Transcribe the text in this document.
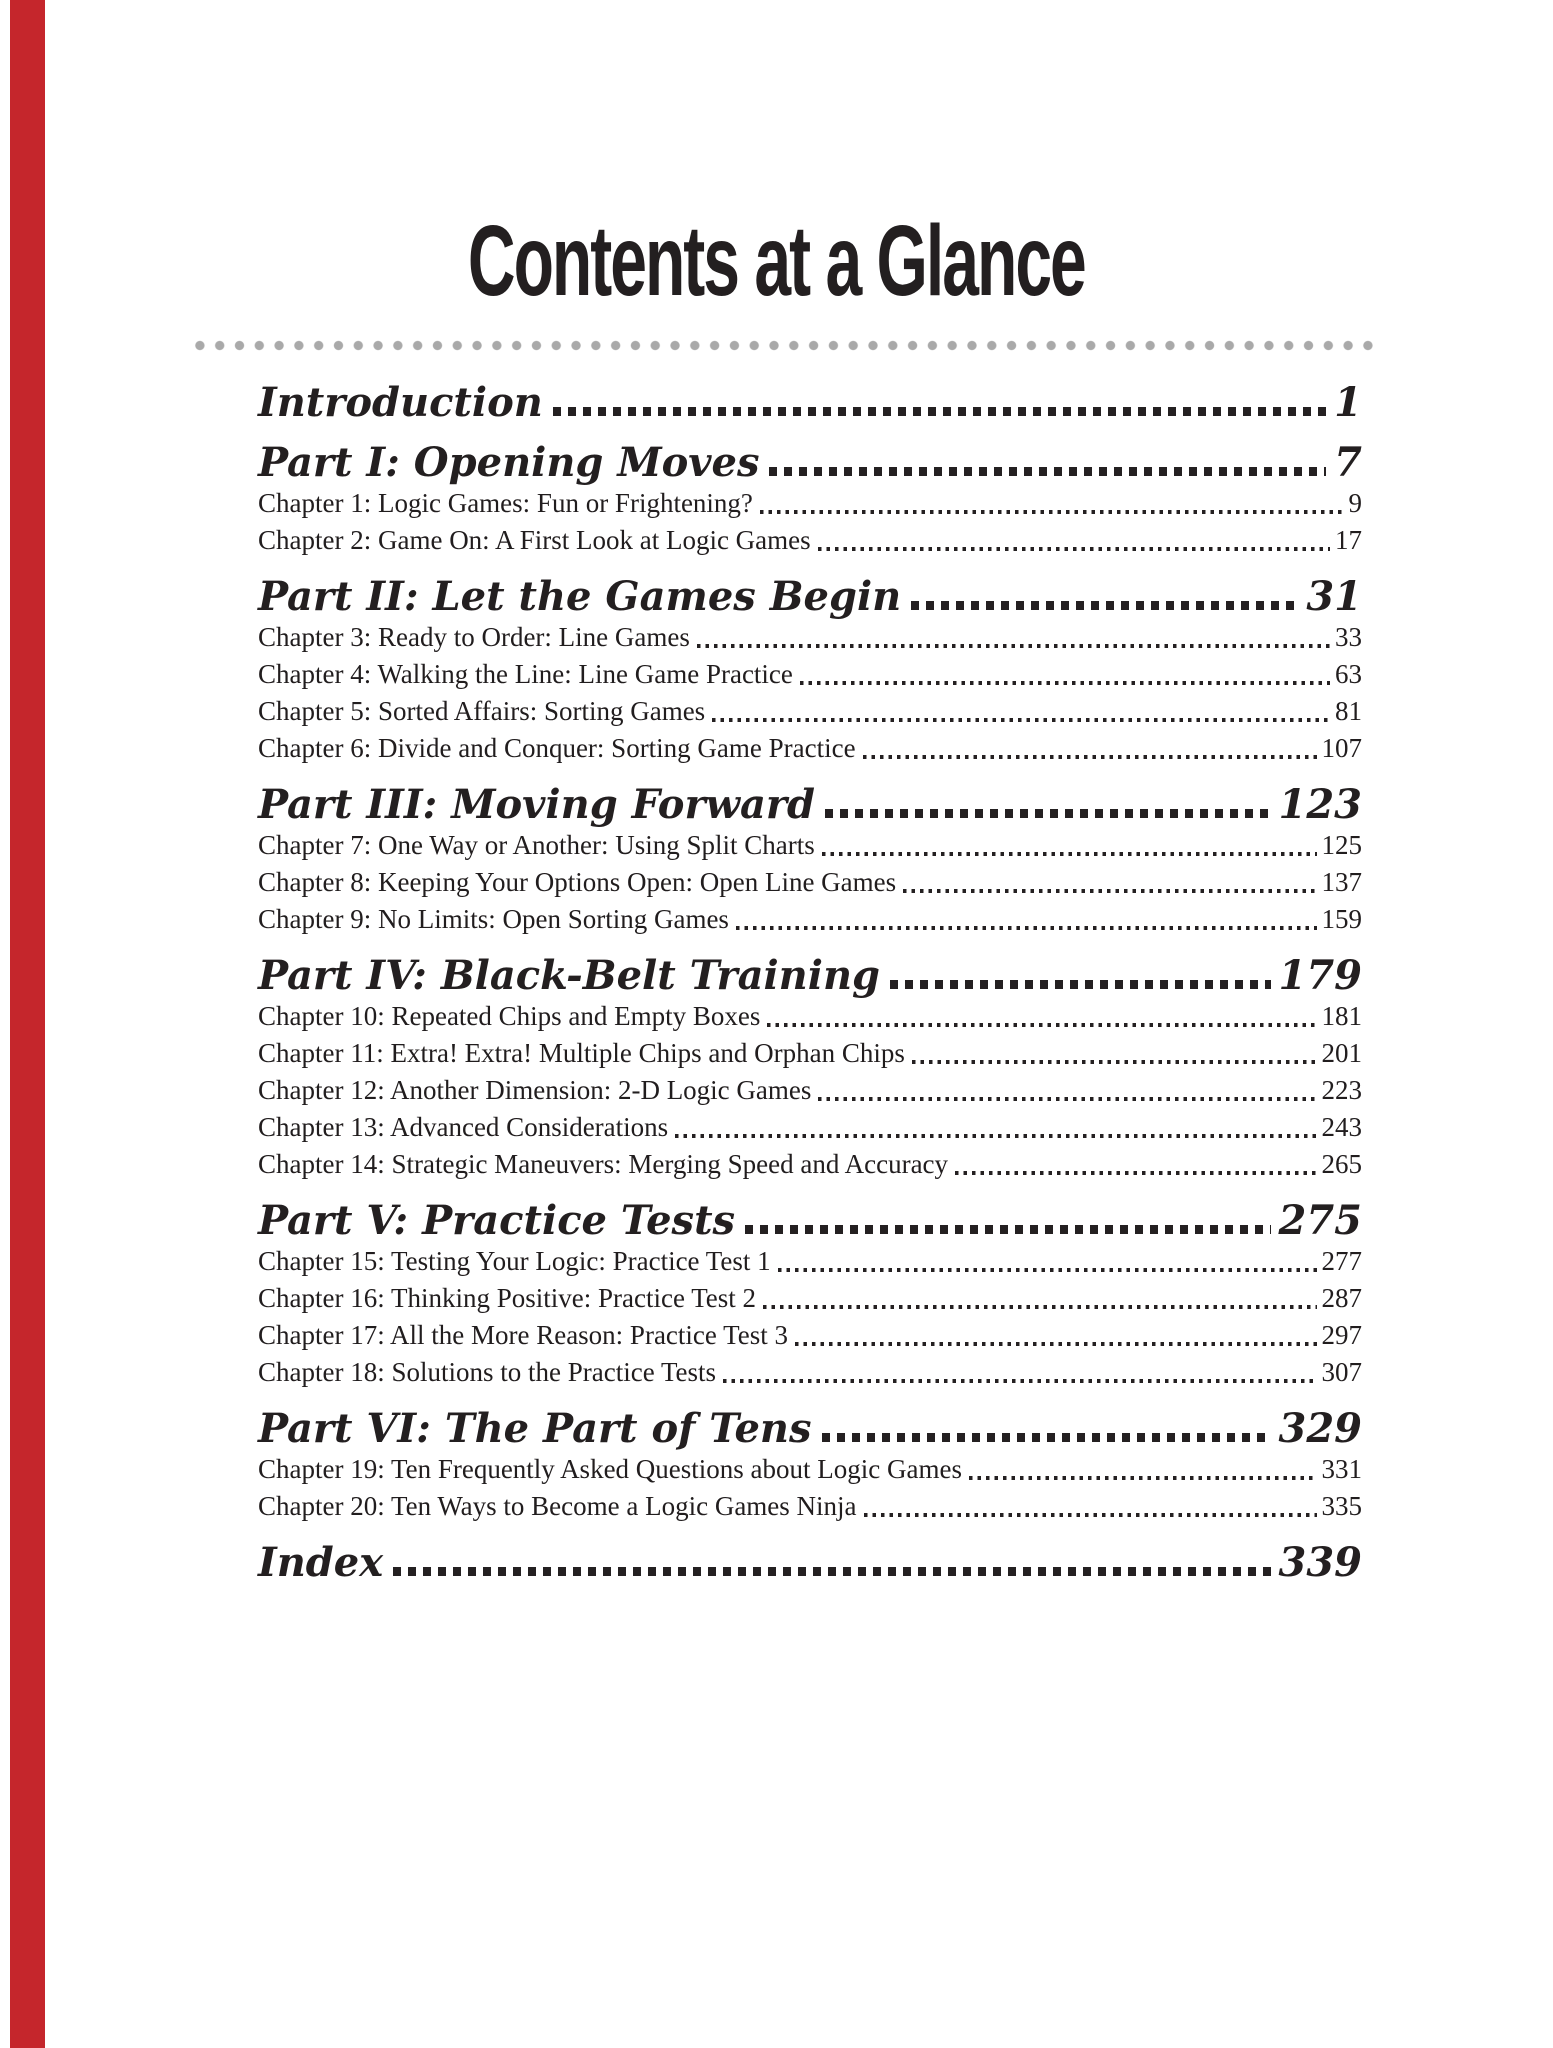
Contents at a Glance
Introduction	1
Part I: Opening Moves	7
Chapter 1: Logic Games: Fun or Frightening?	9
Chapter 2: Game On: A First Look at Logic Games	17
Part II: Let the Games Begin	31
Chapter 3: Ready to Order: Line Games	33
Chapter 4: Walking the Line: Line Game Practice	63
Chapter 5: Sorted Affairs: Sorting Games	81
Chapter 6: Divide and Conquer: Sorting Game Practice	107
Part III: Moving Forward	123
Chapter 7: One Way or Another: Using Split Charts	125
Chapter 8: Keeping Your Options Open: Open Line Games	137
Chapter 9: No Limits: Open Sorting Games	159
Part IV: Black-Belt Training	179
Chapter 10: Repeated Chips and Empty Boxes	181
Chapter 11: Extra! Extra! Multiple Chips and Orphan Chips	201
Chapter 12: Another Dimension: 2-D Logic Games	223
Chapter 13: Advanced Considerations	243
Chapter 14: Strategic Maneuvers: Merging Speed and Accuracy	265
Part V: Practice Tests	275
Chapter 15: Testing Your Logic: Practice Test 1	277
Chapter 16: Thinking Positive: Practice Test 2	287
Chapter 17: All the More Reason: Practice Test 3	297
Chapter 18: Solutions to the Practice Tests	307
Part VI: The Part of Tens	329
Chapter 19: Ten Frequently Asked Questions about Logic Games	331
Chapter 20: Ten Ways to Become a Logic Games Ninja	335
Index	339
